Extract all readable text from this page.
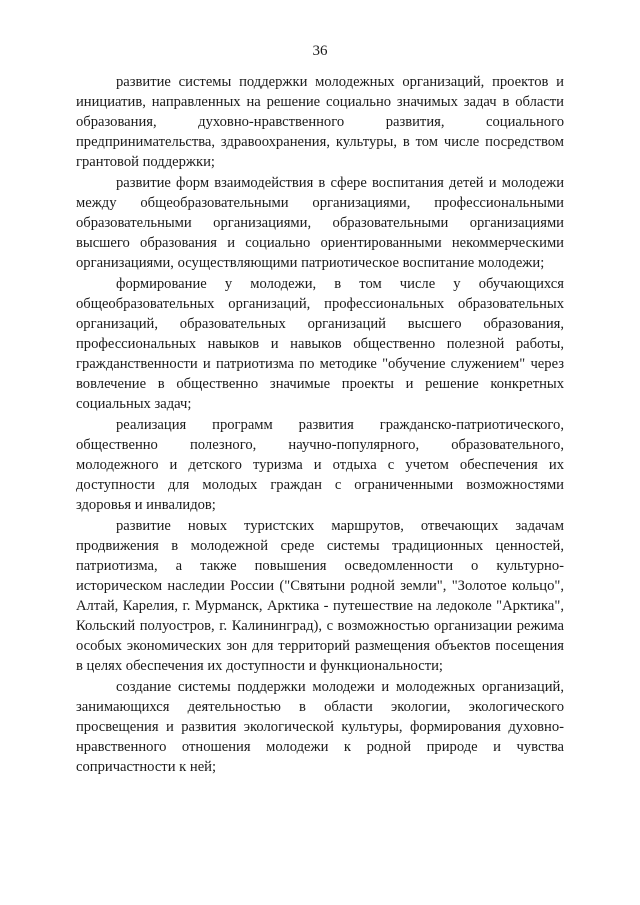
36

развитие системы поддержки молодежных организаций, проектов и инициатив, направленных на решение социально значимых задач в области образования, духовно-нравственного развития, социального предпринимательства, здравоохранения, культуры, в том числе посредством грантовой поддержки;

развитие форм взаимодействия в сфере воспитания детей и молодежи между общеобразовательными организациями, профессиональными образовательными организациями, образовательными организациями высшего образования и социально ориентированными некоммерческими организациями, осуществляющими патриотическое воспитание молодежи;

формирование у молодежи, в том числе у обучающихся общеобразовательных организаций, профессиональных образовательных организаций, образовательных организаций высшего образования, профессиональных навыков и навыков общественно полезной работы, гражданственности и патриотизма по методике "обучение служением" через вовлечение в общественно значимые проекты и решение конкретных социальных задач;

реализация программ развития гражданско-патриотического, общественно полезного, научно-популярного, образовательного, молодежного и детского туризма и отдыха с учетом обеспечения их доступности для молодых граждан с ограниченными возможностями здоровья и инвалидов;

развитие новых туристских маршрутов, отвечающих задачам продвижения в молодежной среде системы традиционных ценностей, патриотизма, а также повышения осведомленности о культурно-историческом наследии России ("Святыни родной земли", "Золотое кольцо", Алтай, Карелия, г. Мурманск, Арктика - путешествие на ледоколе "Арктика", Кольский полуостров, г. Калининград), с возможностью организации режима особых экономических зон для территорий размещения объектов посещения в целях обеспечения их доступности и функциональности;

создание системы поддержки молодежи и молодежных организаций, занимающихся деятельностью в области экологии, экологического просвещения и развития экологической культуры, формирования духовно-нравственного отношения молодежи к родной природе и чувства сопричастности к ней;
